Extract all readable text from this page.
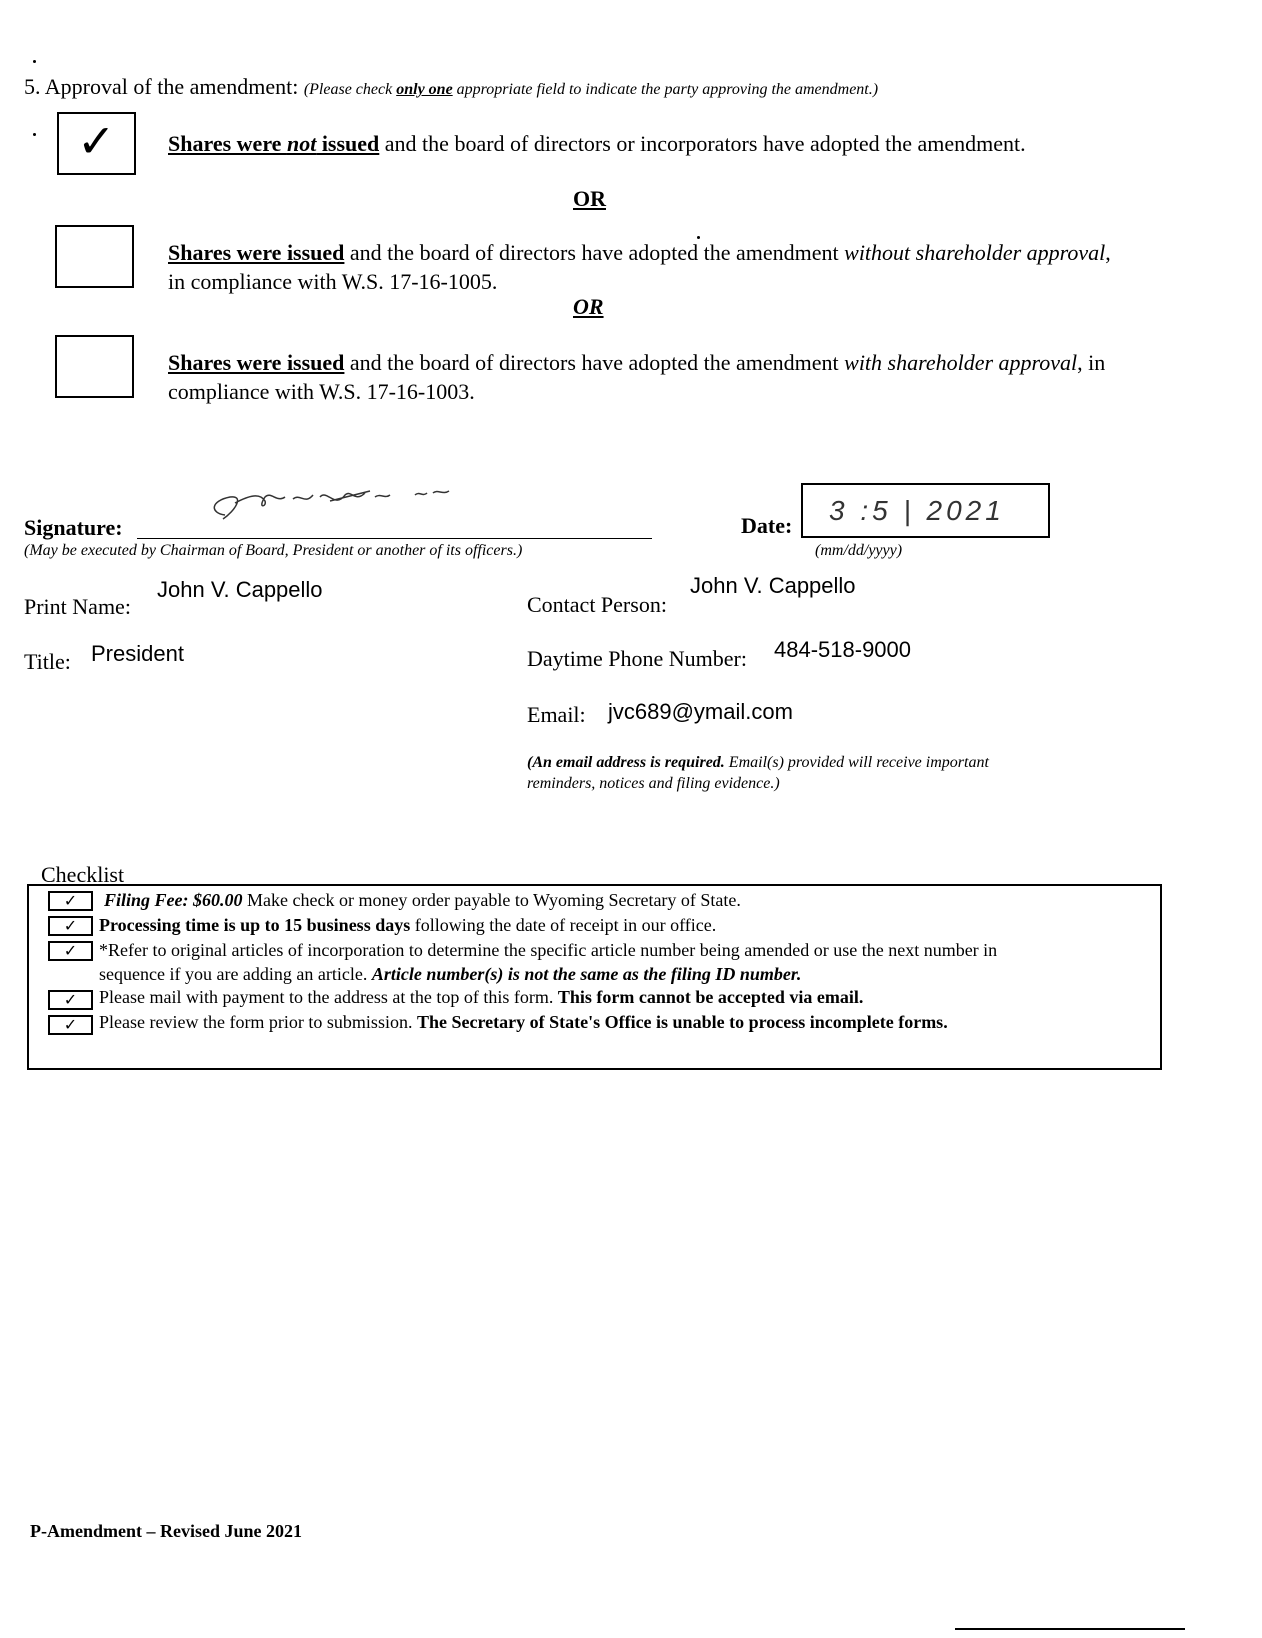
5. Approval of the amendment: (Please check only one appropriate field to indicate the party approving the amendment.)
✓ Shares were not issued and the board of directors or incorporators have adopted the amendment.
OR
Shares were issued and the board of directors have adopted the amendment without shareholder approval, in compliance with W.S. 17-16-1005.
OR
Shares were issued and the board of directors have adopted the amendment with shareholder approval, in compliance with W.S. 17-16-1003.
Signature:
(May be executed by Chairman of Board, President or another of its officers.)
Date: 3 :5 | 2021
(mm/dd/yyyy)
Print Name:
John V. Cappello
Contact Person:
John V. Cappello
Title: President	Daytime Phone Number: 484-518-9000
Email: jvc689@ymail.com
(An email address is required. Email(s) provided will receive important
reminders, notices and filing evidence.)
Checklist
✓	Filing Fee: $60.00 Make check or money order payable to Wyoming Secretary of State.
✓	Processing time is up to 15 business days following the date of receipt in our office.
✓	*Refer to original articles of incorporation to determine the specific article number being amended or use the next number in
sequence if you are adding an article. Article number(s) is not the same as the filing ID number.
✓	Please mail with payment to the address at the top of this form. This form cannot be accepted via email.
✓	Please review the form prior to submission. The Secretary of State's Office is unable to process incomplete forms.
P-Amendment – Revised June 2021
